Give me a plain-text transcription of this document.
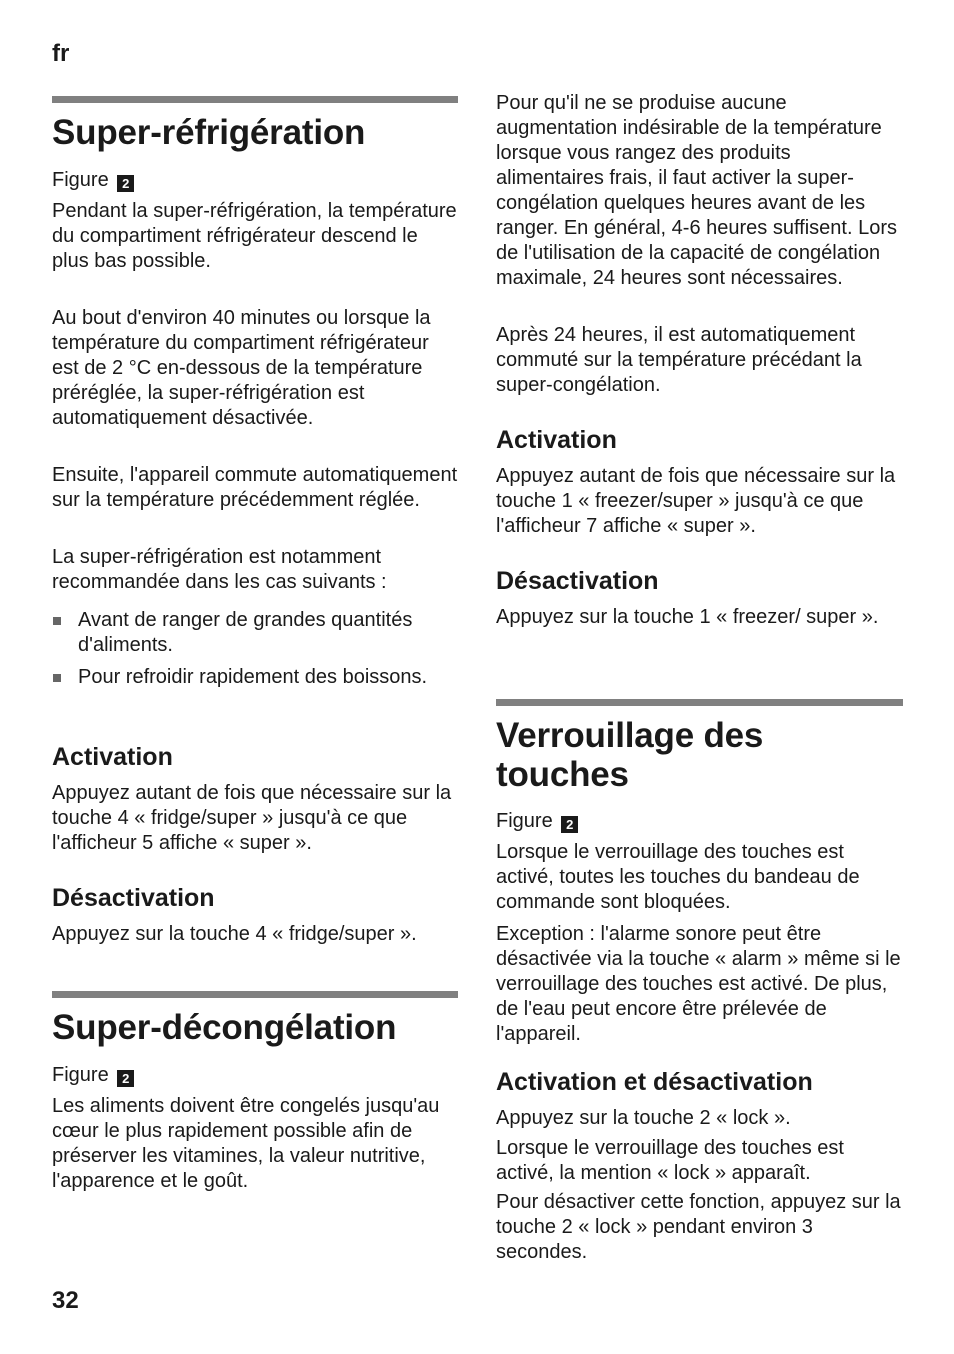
fr
Super-réfrigération
Figure 2

Pendant la super-réfrigération, la température du compartiment réfrigérateur descend le plus bas possible.

Au bout d'environ 40 minutes ou lorsque la température du compartiment réfrigérateur est de 2 °C en-dessous de la température préréglée, la super-réfrigération est automatiquement désactivée.

Ensuite, l'appareil commute automatiquement sur la température précédemment réglée.

La super-réfrigération est notamment recommandée dans les cas suivants :

Avant de ranger de grandes quantités d'aliments.
Pour refroidir rapidement des boissons.
Activation

Appuyez autant de fois que nécessaire sur la touche 4 « fridge/super » jusqu'à ce que l'afficheur 5 affiche « super ».

Désactivation

Appuyez sur la touche 4 « fridge/super ».

Super-décongélation
Figure 2

Les aliments doivent être congelés jusqu'au cœur le plus rapidement possible afin de préserver les vitamines, la valeur nutritive, l'apparence et le goût.

Pour qu'il ne se produise aucune augmentation indésirable de la température lorsque vous rangez des produits alimentaires frais, il faut activer la super-congélation quelques heures avant de les ranger. En général, 4-6 heures suffisent. Lors de l'utilisation de la capacité de congélation maximale, 24 heures sont nécessaires.

Après 24 heures, il est automatiquement commuté sur la température précédant la super-congélation.

Activation

Appuyez autant de fois que nécessaire sur la touche 1 « freezer/super » jusqu'à ce que l'afficheur 7 affiche « super ».

Désactivation

Appuyez sur la touche 1 « freezer/ super ».

Verrouillage des touches
Figure 2

Lorsque le verrouillage des touches est activé, toutes les touches du bandeau de commande sont bloquées.

Exception : l'alarme sonore peut être désactivée via la touche « alarm » même si le verrouillage des touches est activé. De plus, de l'eau peut encore être prélevée de l'appareil.

Activation et désactivation

Appuyez sur la touche 2 « lock ».

Lorsque le verrouillage des touches est activé, la mention « lock » apparaît.

Pour désactiver cette fonction, appuyez sur la touche 2 « lock » pendant environ 3 secondes.

32
